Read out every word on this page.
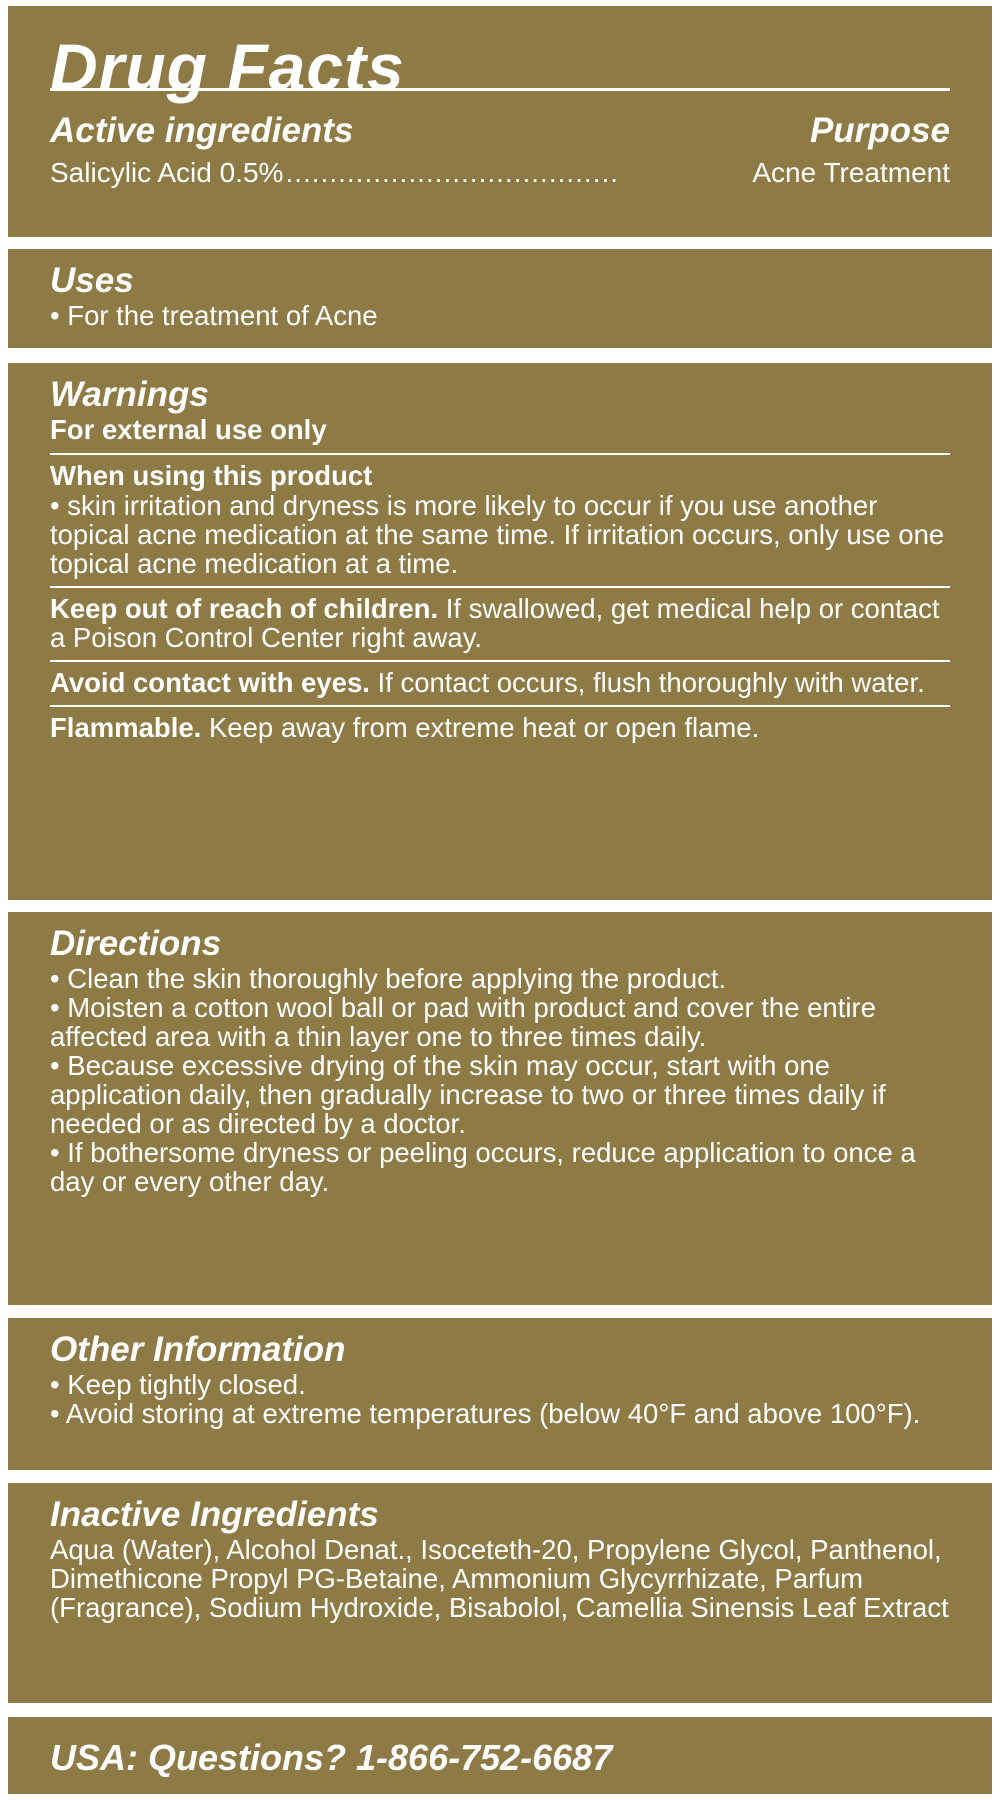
Drug Facts
Active ingredients	Purpose
Salicylic Acid 0.5% ......................................	Acne Treatment
Uses
• For the treatment of Acne
Warnings
For external use only
When using this product
• skin irritation and dryness is more likely to occur if you use another topical acne medication at the same time. If irritation occurs, only use one topical acne medication at a time.
Keep out of reach of children. If swallowed, get medical help or contact a Poison Control Center right away.
Avoid contact with eyes. If contact occurs, flush thoroughly with water.
Flammable. Keep away from extreme heat or open flame.
Directions
• Clean the skin thoroughly before applying the product.
• Moisten a cotton wool ball or pad with product and cover the entire affected area with a thin layer one to three times daily.
• Because excessive drying of the skin may occur, start with one application daily, then gradually increase to two or three times daily if needed or as directed by a doctor.
• If bothersome dryness or peeling occurs, reduce application to once a day or every other day.
Other Information
• Keep tightly closed.
• Avoid storing at extreme temperatures (below 40°F and above 100°F).
Inactive Ingredients
Aqua (Water), Alcohol Denat., Isoceteth-20, Propylene Glycol, Panthenol, Dimethicone Propyl PG-Betaine, Ammonium Glycyrrhizate, Parfum (Fragrance), Sodium Hydroxide, Bisabolol, Camellia Sinensis Leaf Extract
USA: Questions? 1-866-752-6687
